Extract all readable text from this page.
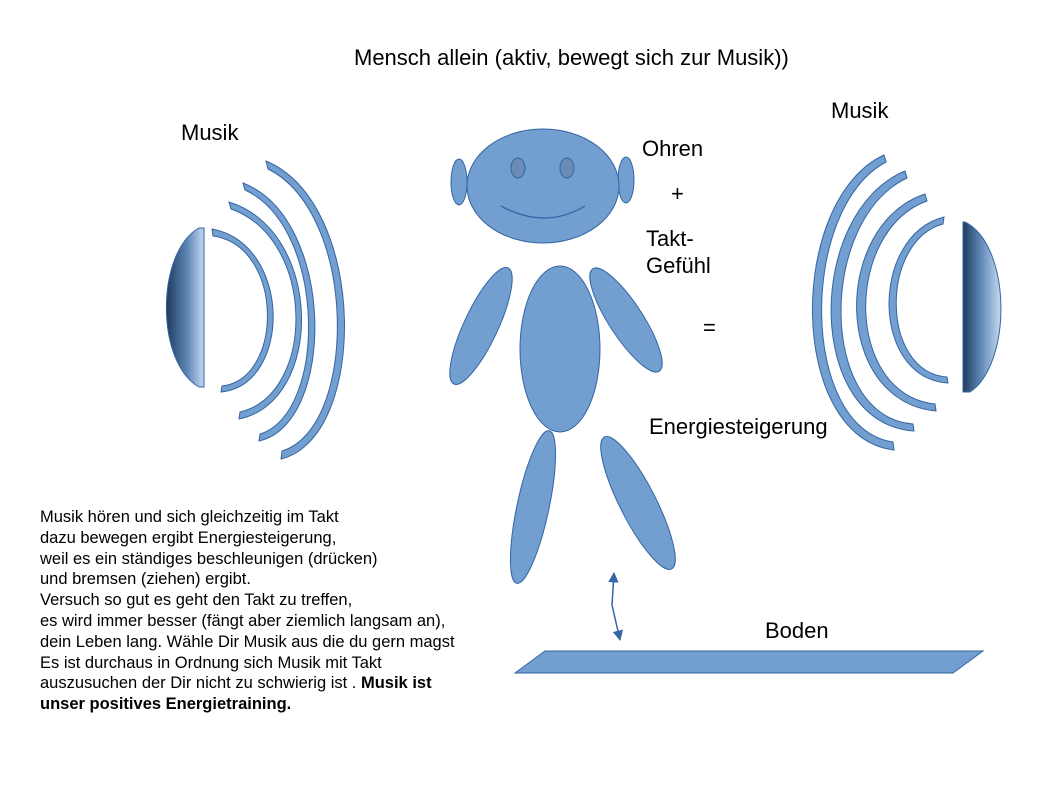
Mensch allein (aktiv, bewegt sich zur Musik))
Musik
Musik
Ohren
+
Takt-
Gefühl
=
Energiesteigerung
Boden
Musik hören und sich gleichzeitig im Takt
dazu bewegen ergibt Energiesteigerung,
weil es ein ständiges beschleunigen (drücken)
und bremsen (ziehen) ergibt.
Versuch so gut es geht den Takt zu treffen,
es wird immer besser (fängt aber ziemlich langsam an),
dein Leben lang. Wähle Dir Musik aus die du gern magst
Es ist durchaus in Ordnung sich Musik mit Takt
auszusuchen der Dir nicht zu schwierig ist . Musik ist
unser positives Energietraining.
